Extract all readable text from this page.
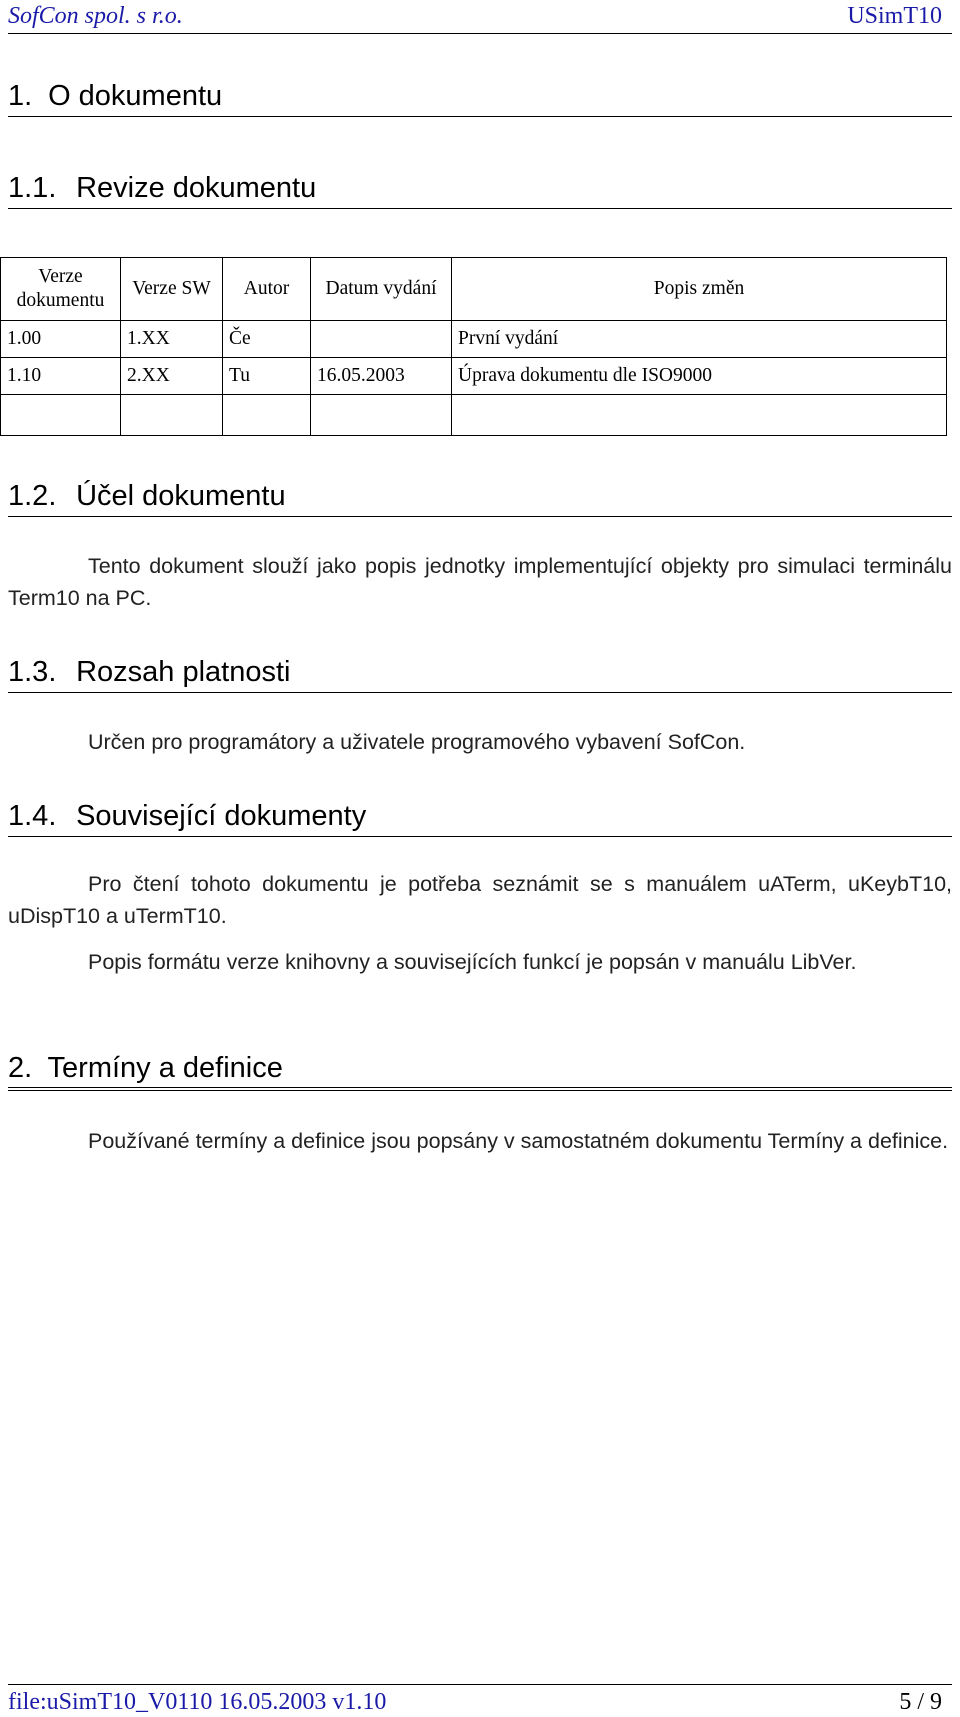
SofCon spol. s r.o.	USimT10
1. O dokumentu
1.1. Revize dokumentu
Verze dokumentu	Verze SW	Autor	Datum vydání	Popis změn
1.00	1.XX	Če		První vydání
1.10	2.XX	Tu	16.05.2003	Úprava dokumentu dle ISO9000

1.2. Účel dokumentu
Tento dokument slouží jako popis jednotky implementující objekty pro simulaci terminálu Term10 na PC.
1.3. Rozsah platnosti
Určen pro programátory a uživatele programového vybavení SofCon.
1.4. Související dokumenty
Pro čtení tohoto dokumentu je potřeba seznámit se s manuálem uATerm, uKeybT10, uDispT10 a uTermT10.
Popis formátu verze knihovny a souvisejících funkcí je popsán v manuálu LibVer.
2. Termíny a definice
Používané termíny a definice jsou popsány v samostatném dokumentu Termíny a definice.
file:uSimT10_V0110 16.05.2003 v1.10	5 / 9
